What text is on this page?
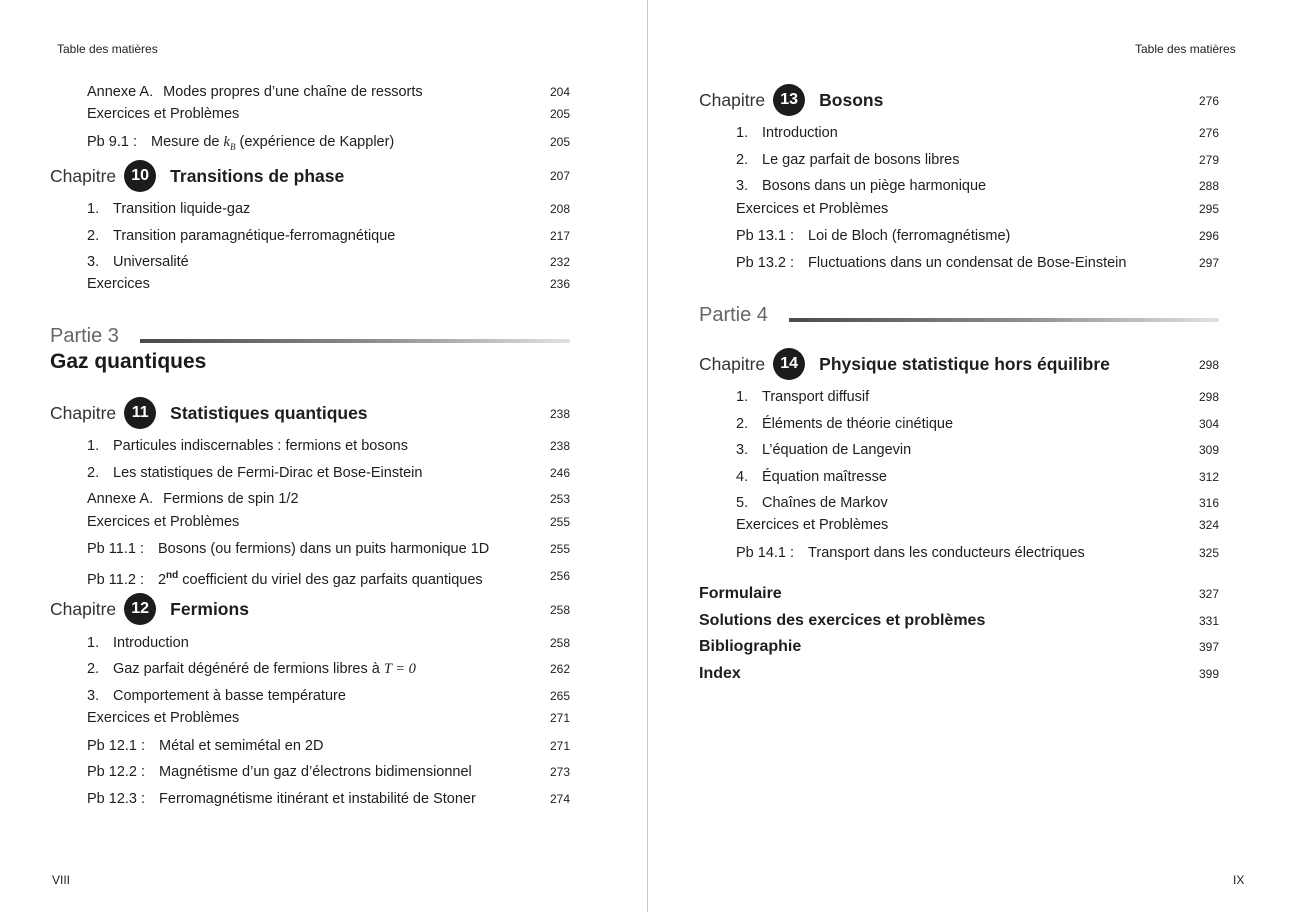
Table des matières
Annexe A. Modes propres d’une chaîne de ressorts	204
Exercices et Problèmes	205
Pb 9.1 : Mesure de $k_B$ (expérience de Kappler)	205
Chapitre 10 Transitions de phase	207
1. Transition liquide-gaz	208
2. Transition paramagnétique-ferromagnétique	217
3. Universalité	232
Exercices	236
Partie 3
Gaz quantiques
Chapitre 11 Statistiques quantiques	238
1. Particules indiscernables : fermions et bosons	238
2. Les statistiques de Fermi-Dirac et Bose-Einstein	246
Annexe A. Fermions de spin 1/2	253
Exercices et Problèmes	255
Pb 11.1 : Bosons (ou fermions) dans un puits harmonique 1D	255
Pb 11.2 : 2nd coefficient du viriel des gaz parfaits quantiques	256
Chapitre 12 Fermions	258
1. Introduction	258
2. Gaz parfait dégénéré de fermions libres à T = 0	262
3. Comportement à basse température	265
Exercices et Problèmes	271
Pb 12.1 : Métal et semimétal en 2D	271
Pb 12.2 : Magnétisme d’un gaz d’électrons bidimensionnel	273
Pb 12.3 : Ferromagnétisme itinérant et instabilité de Stoner	274
VIII
Table des matières
Chapitre 13 Bosons	276
1. Introduction	276
2. Le gaz parfait de bosons libres	279
3. Bosons dans un piège harmonique	288
Exercices et Problèmes	295
Pb 13.1 : Loi de Bloch (ferromagnétisme)	296
Pb 13.2 : Fluctuations dans un condensat de Bose-Einstein	297
Partie 4
Chapitre 14 Physique statistique hors équilibre	298
1. Transport diffusif	298
2. Éléments de théorie cinétique	304
3. L’équation de Langevin	309
4. Équation maîtresse	312
5. Chaînes de Markov	316
Exercices et Problèmes	324
Pb 14.1 : Transport dans les conducteurs électriques	325
Formulaire	327
Solutions des exercices et problèmes	331
Bibliographie	397
Index	399
IX
